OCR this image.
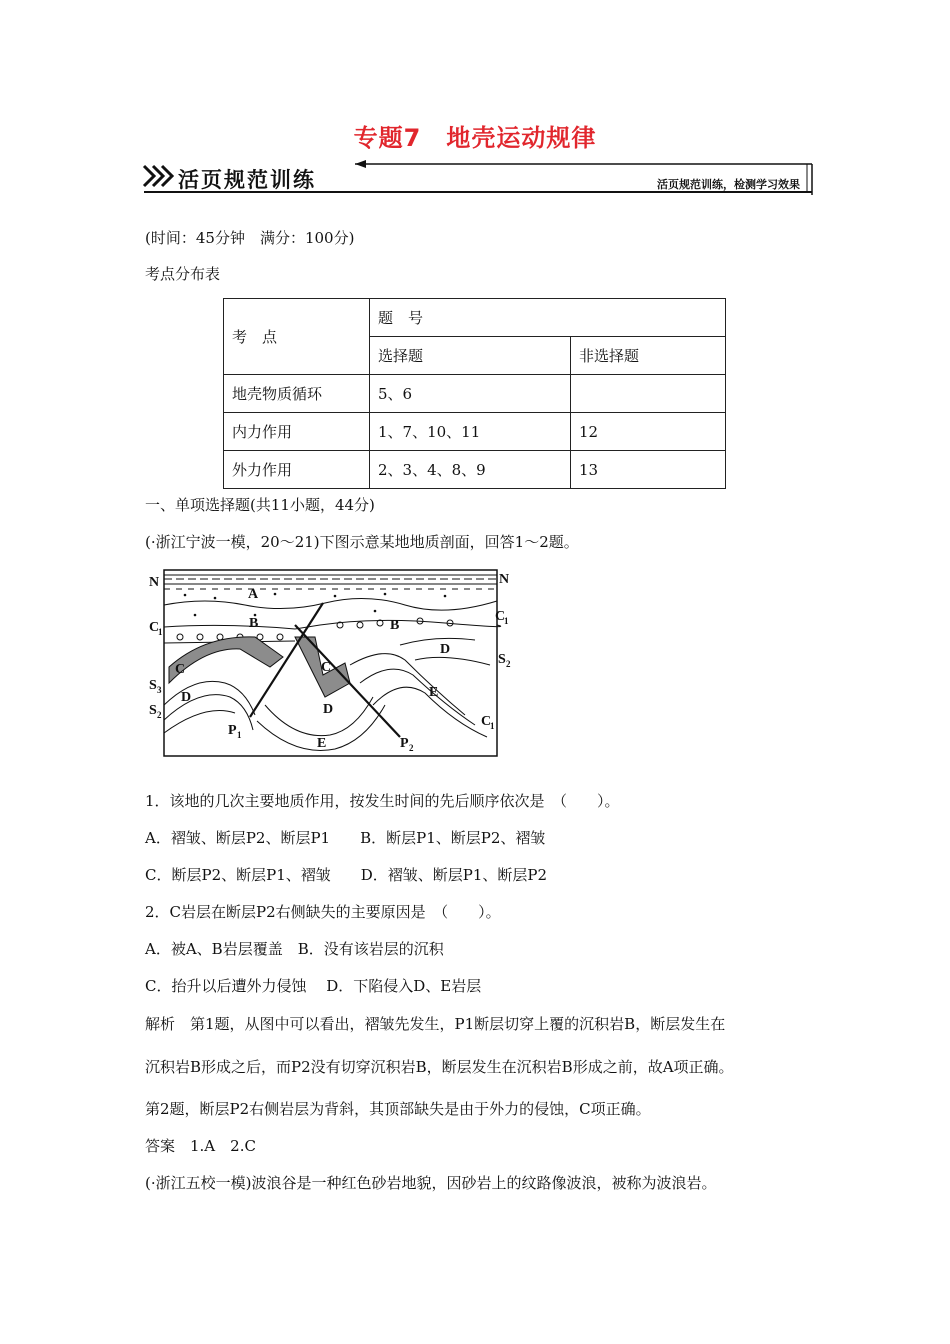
专题7　地壳运动规律
活页规范训练	活页规范训练，检测学习效果
(时间：45分钟　满分：100分)
考点分布表
考　点	题　号	
	选择题	非选择题
地壳物质循环	5、6	
内力作用	1、7、10、11	12
外力作用	2、3、4、8、9	13
一、单项选择题(共11小题，44分)
(·浙江宁波一模，20～21)下图示意某地地质剖面，回答1～2题。
N	N
A
B	B
C
1
C
1
C
1
C	C
D
D
D
E
E
S 3
S 2
S 2
P 1
P 2
1．该地的几次主要地质作用，按发生时间的先后顺序依次是　（　　）。
A．褶皱、断层P2、断层P1　　B．断层P1、断层P2、褶皱
C．断层P2、断层P1、褶皱　　D．褶皱、断层P1、断层P2
2．C岩层在断层P2右侧缺失的主要原因是　（　　）。
A．被A、B岩层覆盖　B．没有该岩层的沉积
C．抬升以后遭外力侵蚀　 D．下陷侵入D、E岩层
解析　第1题，从图中可以看出，褶皱先发生，P1断层切穿上覆的沉积岩B，断层发生在
沉积岩B形成之后，而P2没有切穿沉积岩B，断层发生在沉积岩B形成之前，故A项正确。
第2题，断层P2右侧岩层为背斜，其顶部缺失是由于外力的侵蚀，C项正确。
答案　1.A　2.C
(·浙江五校一模)波浪谷是一种红色砂岩地貌，因砂岩上的纹路像波浪，被称为波浪岩。
